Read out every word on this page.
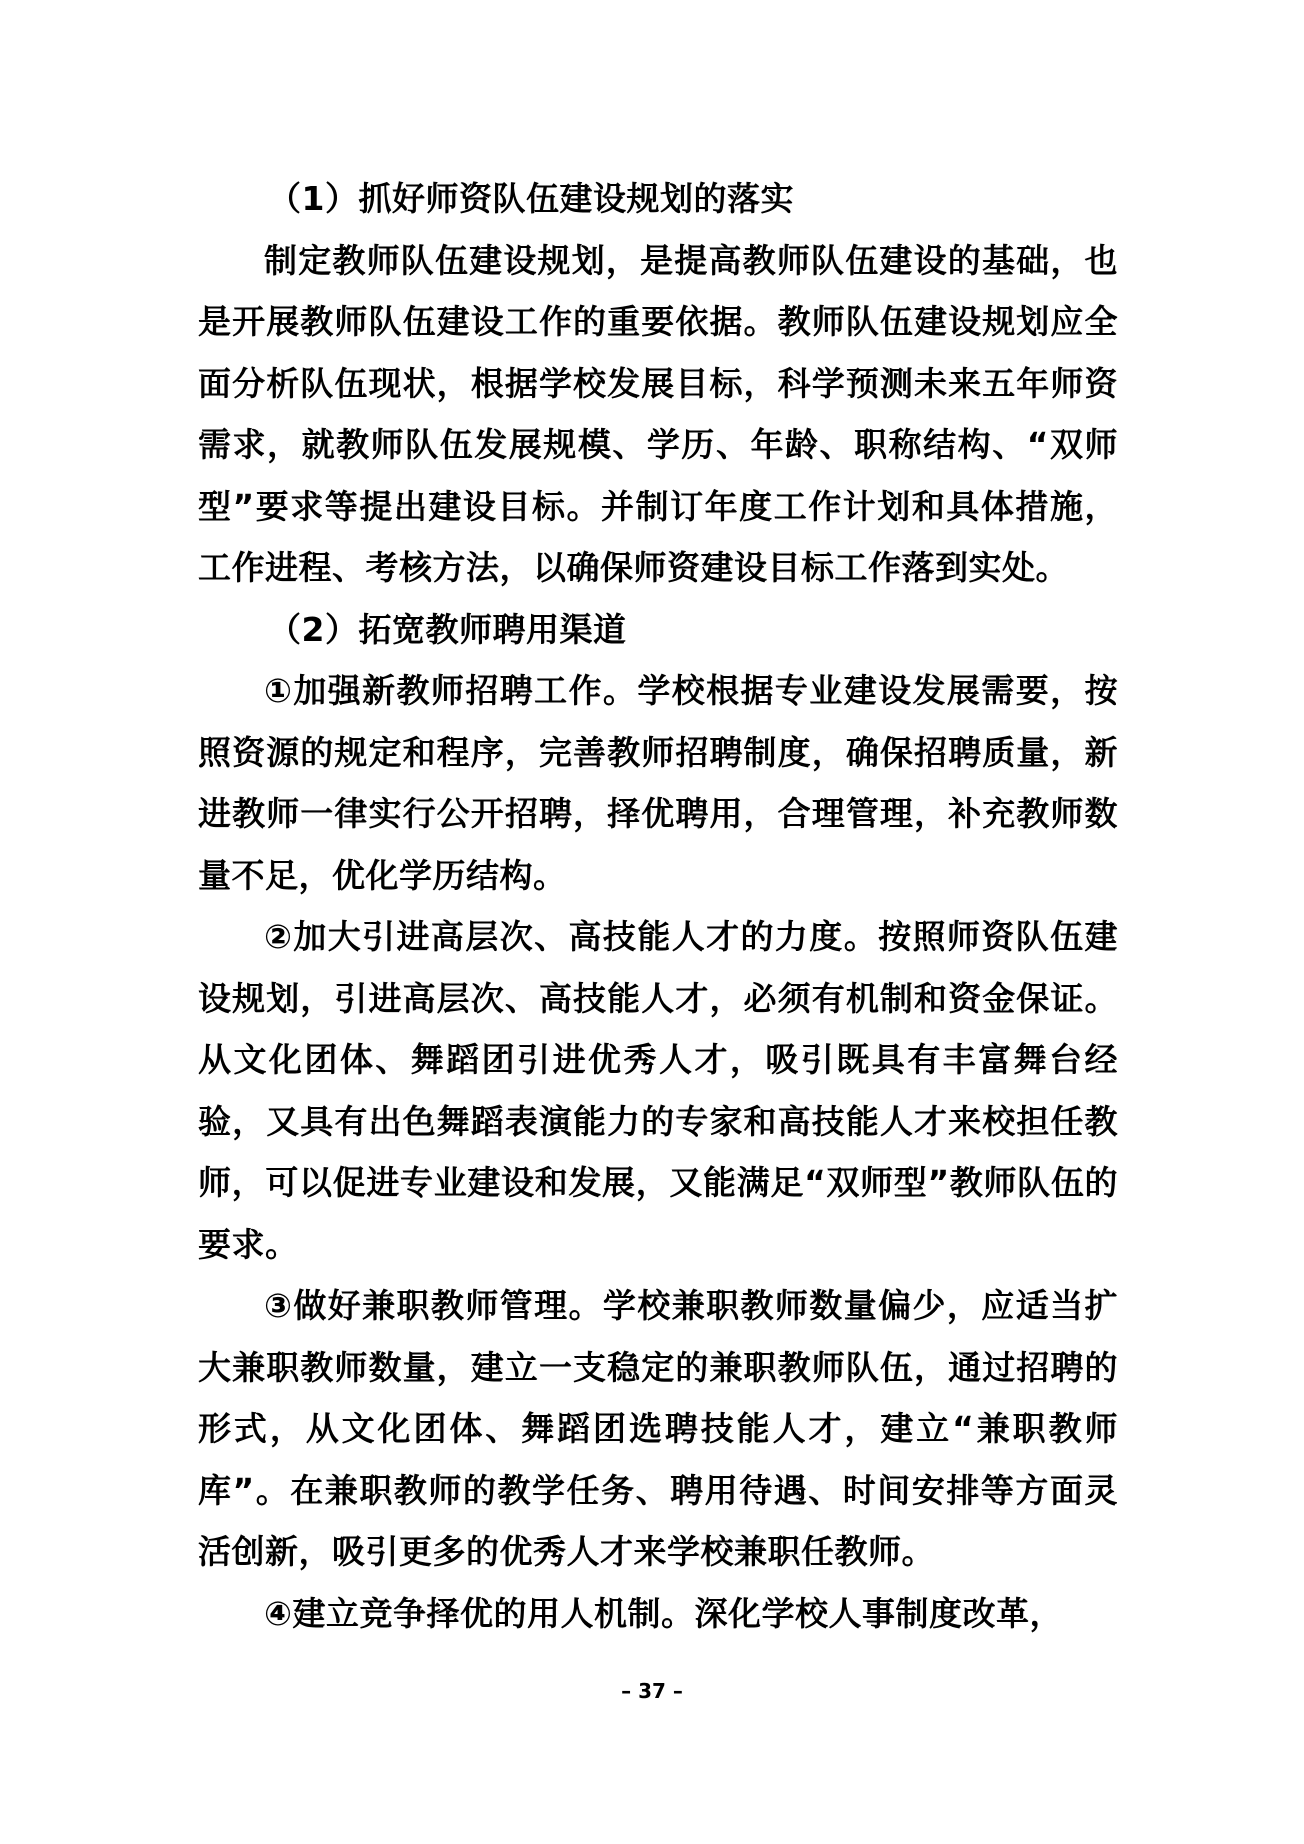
（1）抓好师资队伍建设规划的落实

制定教师队伍建设规划，是提高教师队伍建设的基础，也是开展教师队伍建设工作的重要依据。教师队伍建设规划应全面分析队伍现状，根据学校发展目标，科学预测未来五年师资需求，就教师队伍发展规模、学历、年龄、职称结构、“双师型”要求等提出建设目标。并制订年度工作计划和具体措施，工作进程、考核方法，以确保师资建设目标工作落到实处。

（2）拓宽教师聘用渠道

①加强新教师招聘工作。学校根据专业建设发展需要，按照资源的规定和程序，完善教师招聘制度，确保招聘质量，新进教师一律实行公开招聘，择优聘用，合理管理，补充教师数量不足，优化学历结构。

②加大引进高层次、高技能人才的力度。按照师资队伍建设规划，引进高层次、高技能人才，必须有机制和资金保证。从文化团体、舞蹈团引进优秀人才，吸引既具有丰富舞台经验，又具有出色舞蹈表演能力的专家和高技能人才来校担任教师，可以促进专业建设和发展，又能满足“双师型”教师队伍的要求。

③做好兼职教师管理。学校兼职教师数量偏少，应适当扩大兼职教师数量，建立一支稳定的兼职教师队伍，通过招聘的形式，从文化团体、舞蹈团选聘技能人才，建立“兼职教师库”。在兼职教师的教学任务、聘用待遇、时间安排等方面灵活创新，吸引更多的优秀人才来学校兼职任教师。

④建立竞争择优的用人机制。深化学校人事制度改革，

– 37 –
